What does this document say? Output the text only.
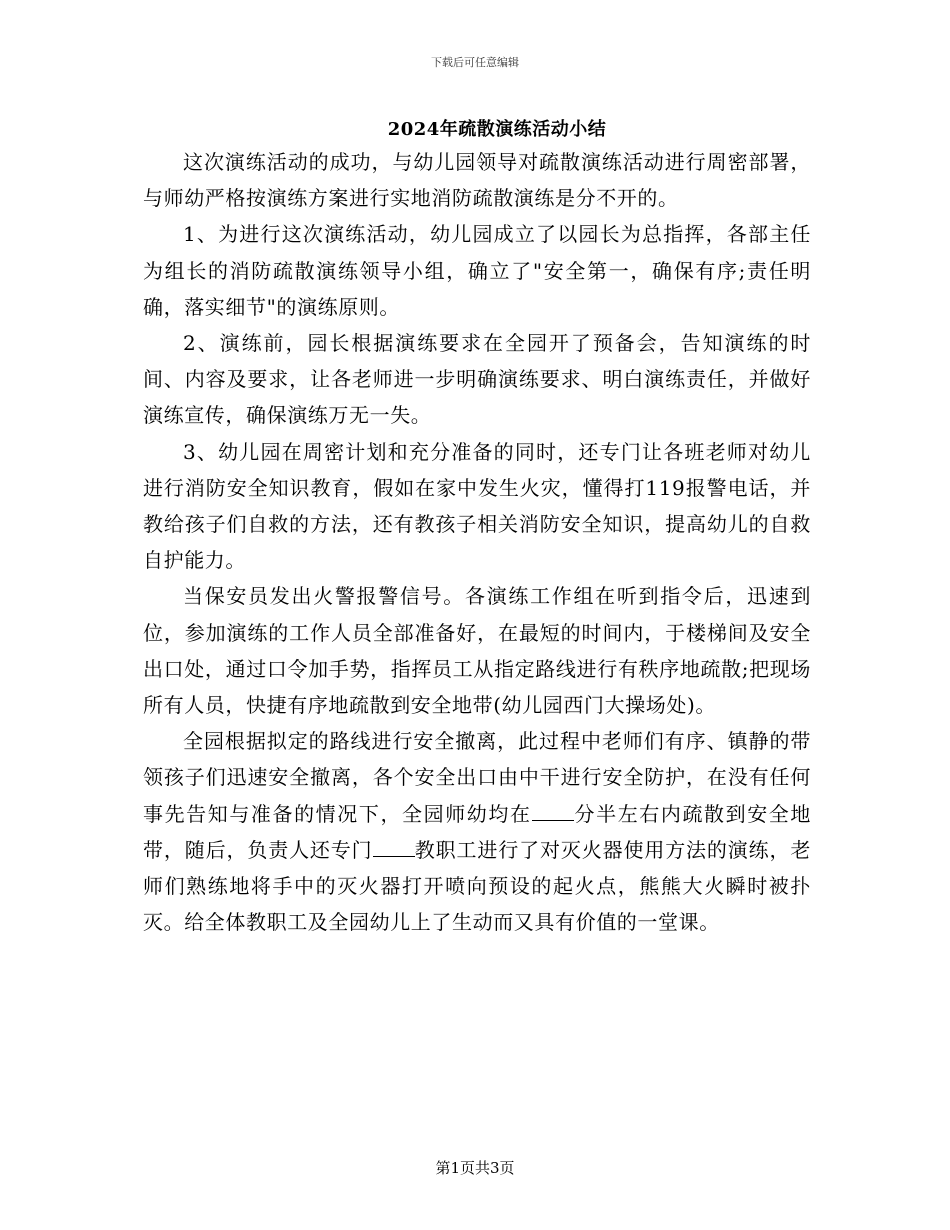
下载后可任意编辑
2024年疏散演练活动小结

这次演练活动的成功，与幼儿园领导对疏散演练活动进行周密部署，与师幼严格按演练方案进行实地消防疏散演练是分不开的。

1、为进行这次演练活动，幼儿园成立了以园长为总指挥，各部主任为组长的消防疏散演练领导小组，确立了"安全第一，确保有序;责任明确，落实细节"的演练原则。

2、演练前，园长根据演练要求在全园开了预备会，告知演练的时间、内容及要求，让各老师进一步明确演练要求、明白演练责任，并做好演练宣传，确保演练万无一失。

3、幼儿园在周密计划和充分准备的同时，还专门让各班老师对幼儿进行消防安全知识教育，假如在家中发生火灾，懂得打119报警电话，并教给孩子们自救的方法，还有教孩子相关消防安全知识，提高幼儿的自救自护能力。

当保安员发出火警报警信号。各演练工作组在听到指令后，迅速到位，参加演练的工作人员全部准备好，在最短的时间内，于楼梯间及安全出口处，通过口令加手势，指挥员工从指定路线进行有秩序地疏散;把现场所有人员，快捷有序地疏散到安全地带(幼儿园西门大操场处)。

全园根据拟定的路线进行安全撤离，此过程中老师们有序、镇静的带领孩子们迅速安全撤离，各个安全出口由中干进行安全防护，在没有任何事先告知与准备的情况下，全园师幼均在 分半左右内疏散到安全地带，随后，负责人还专门 教职工进行了对灭火器使用方法的演练，老师们熟练地将手中的灭火器打开喷向预设的起火点，熊熊大火瞬时被扑灭。给全体教职工及全园幼儿上了生动而又具有价值的一堂课。

第1页共3页
